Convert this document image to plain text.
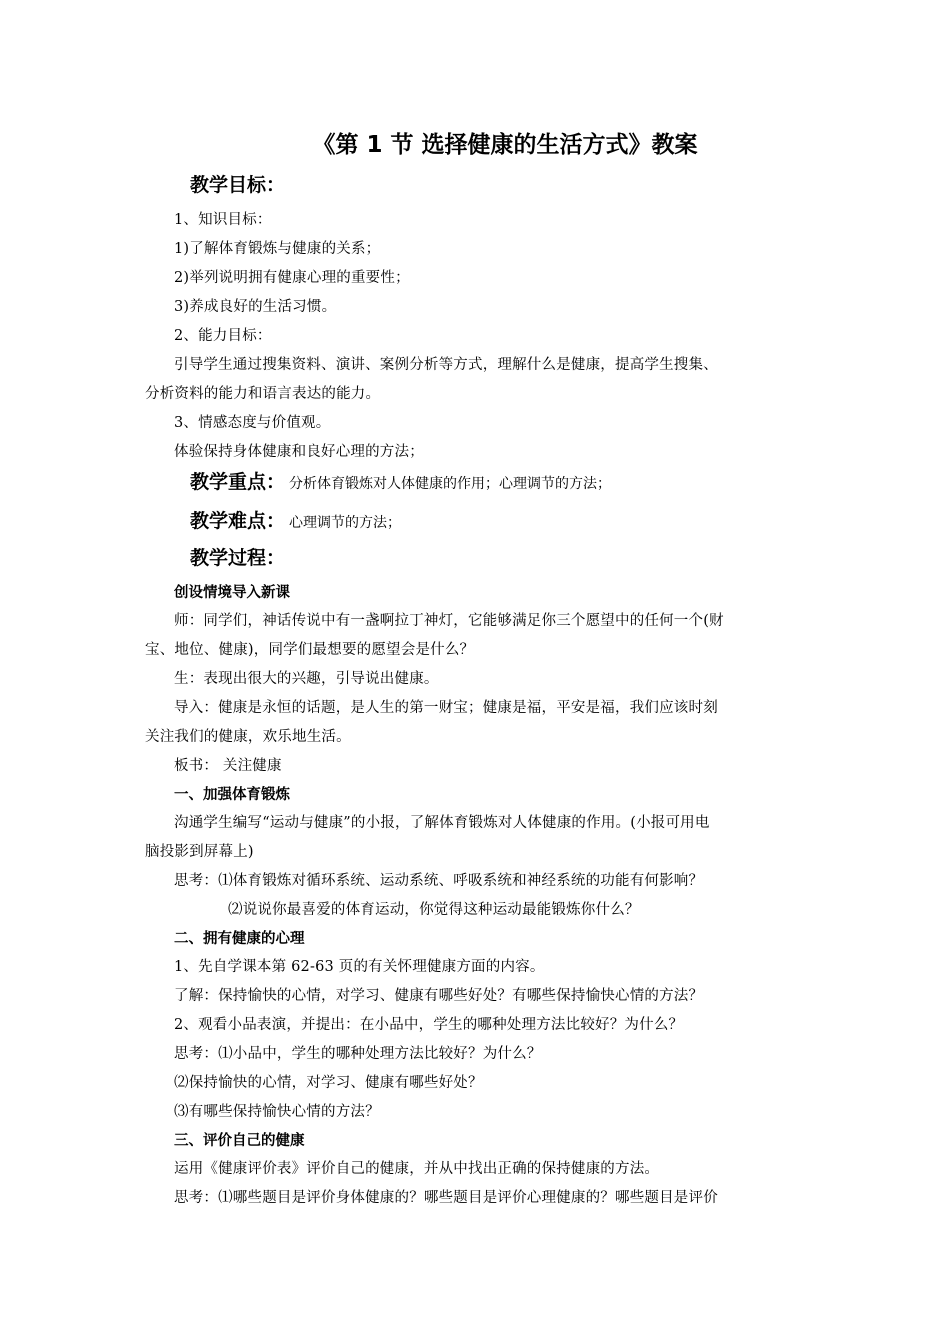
《第 1 节 选择健康的生活方式》教案
教学目标：
1、知识目标：
1)了解体育锻炼与健康的关系；
2)举列说明拥有健康心理的重要性；
3)养成良好的生活习惯。
2、能力目标：
引导学生通过搜集资料、演讲、案例分析等方式，理解什么是健康，提高学生搜集、
分析资料的能力和语言表达的能力。
3、情感态度与价值观。
体验保持身体健康和良好心理的方法；
教学重点： 分析体育锻炼对人体健康的作用；心理调节的方法；
教学难点： 心理调节的方法；
教学过程：
创设情境导入新课
师：同学们，神话传说中有一盏啊拉丁神灯，它能够满足你三个愿望中的任何一个(财
宝、地位、健康)，同学们最想要的愿望会是什么？
生：表现出很大的兴趣，引导说出健康。
导入：健康是永恒的话题，是人生的第一财宝；健康是福，平安是福，我们应该时刻
关注我们的健康，欢乐地生活。
板书： 关注健康
一、加强体育锻炼
沟通学生编写“运动与健康”的小报，了解体育锻炼对人体健康的作用。(小报可用电
脑投影到屏幕上)
思考：⑴体育锻炼对循环系统、运动系统、呼吸系统和神经系统的功能有何影响？
⑵说说你最喜爱的体育运动，你觉得这种运动最能锻炼你什么？
二、拥有健康的心理
1、先自学课本第 62-63 页的有关怀理健康方面的内容。
了解：保持愉快的心情，对学习、健康有哪些好处？有哪些保持愉快心情的方法？
2、观看小品表演，并提出：在小品中，学生的哪种处理方法比较好？为什么？
思考：⑴小品中，学生的哪种处理方法比较好？为什么？
⑵保持愉快的心情，对学习、健康有哪些好处？
⑶有哪些保持愉快心情的方法？
三、评价自己的健康
运用《健康评价表》评价自己的健康，并从中找出正确的保持健康的方法。
思考：⑴哪些题目是评价身体健康的？哪些题目是评价心理健康的？哪些题目是评价
